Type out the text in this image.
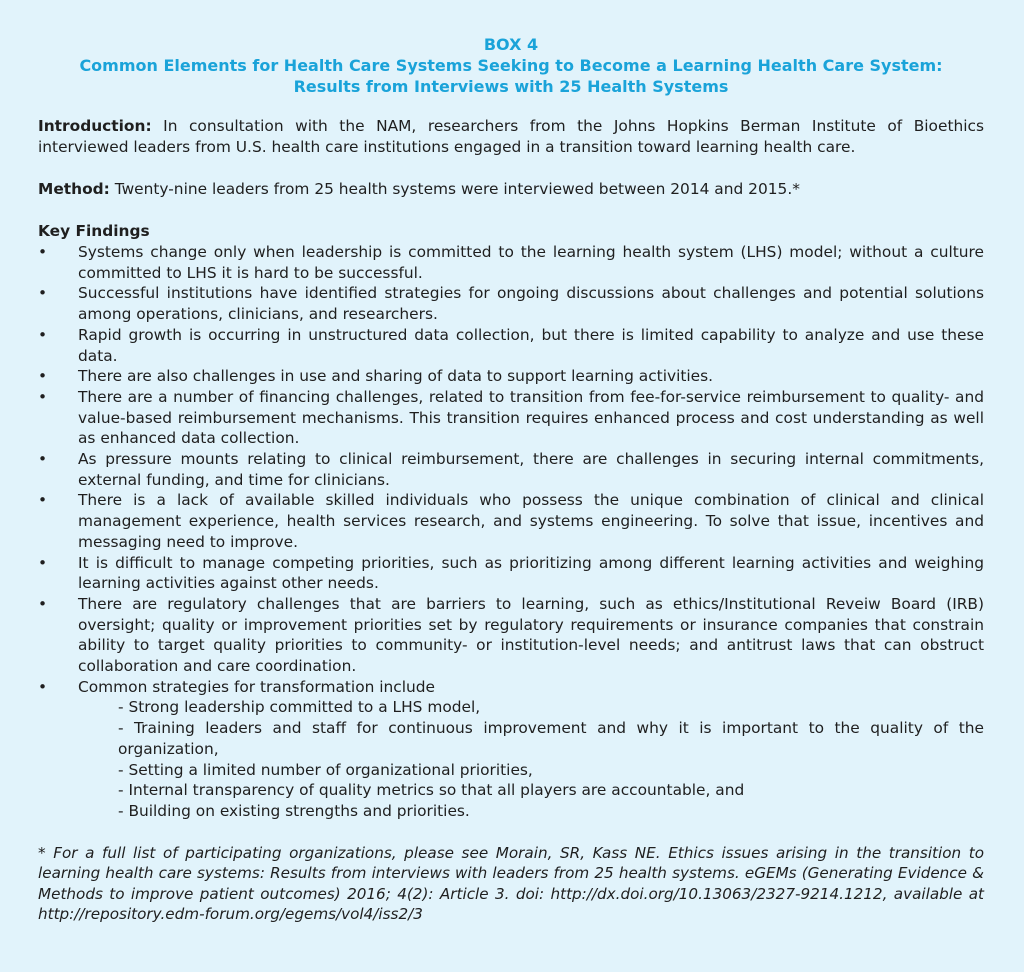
BOX 4
Common Elements for Health Care Systems Seeking to Become a Learning Health Care System:
Results from Interviews with 25 Health Systems

Introduction: In consultation with the NAM, researchers from the Johns Hopkins Berman Institute of Bioethics interviewed leaders from U.S. health care institutions engaged in a transition toward learning health care.

Method: Twenty-nine leaders from 25 health systems were interviewed between 2014 and 2015.*

Key Findings
• Systems change only when leadership is committed to the learning health system (LHS) model; without a culture committed to LHS it is hard to be successful.
• Successful institutions have identified strategies for ongoing discussions about challenges and potential solutions among operations, clinicians, and researchers.
• Rapid growth is occurring in unstructured data collection, but there is limited capability to analyze and use these data.
• There are also challenges in use and sharing of data to support learning activities.
• There are a number of financing challenges, related to transition from fee-for-service reimbursement to quality- and value-based reimbursement mechanisms. This transition requires enhanced process and cost understanding as well as enhanced data collection.
• As pressure mounts relating to clinical reimbursement, there are challenges in securing internal commitments, external funding, and time for clinicians.
• There is a lack of available skilled individuals who possess the unique combination of clinical and clinical management experience, health services research, and systems engineering. To solve that issue, incentives and messaging need to improve.
• It is difficult to manage competing priorities, such as prioritizing among different learning activities and weighing learning activities against other needs.
• There are regulatory challenges that are barriers to learning, such as ethics/Institutional Reveiw Board (IRB) oversight; quality or improvement priorities set by regulatory requirements or insurance companies that constrain ability to target quality priorities to community- or institution-level needs; and antitrust laws that can obstruct collaboration and care coordination.
• Common strategies for transformation include
- Strong leadership committed to a LHS model,
- Training leaders and staff for continuous improvement and why it is important to the quality of the organization,
- Setting a limited number of organizational priorities,
- Internal transparency of quality metrics so that all players are accountable, and
- Building on existing strengths and priorities.
* For a full list of participating organizations, please see Morain, SR, Kass NE. Ethics issues arising in the transition to learning health care systems: Results from interviews with leaders from 25 health systems. eGEMs (Generating Evidence & Methods to improve patient outcomes) 2016; 4(2): Article 3. doi: http://dx.doi.org/10.13063/2327-9214.1212, available at http://repository.edm-forum.org/egems/vol4/iss2/3
